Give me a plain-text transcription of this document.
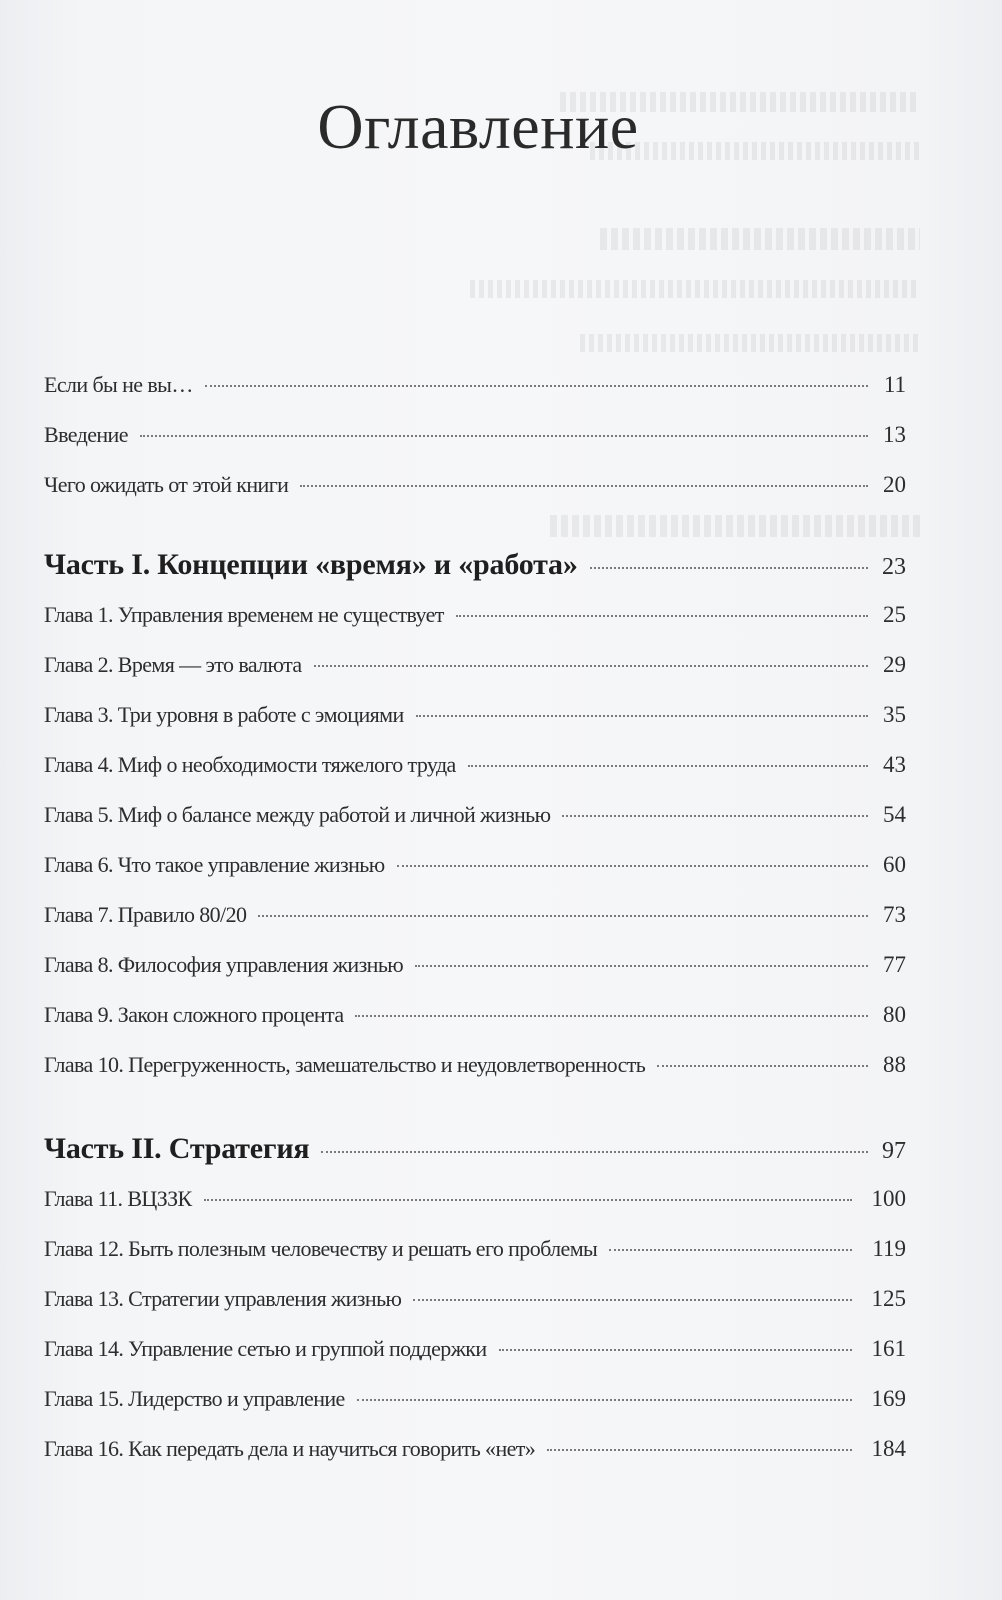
Оглавление
Если бы не вы…	11
Введение	13
Чего ожидать от этой книги	20
Часть I. Концепции «время» и «работа»	23
Глава 1. Управления временем не существует	25
Глава 2. Время — это валюта	29
Глава 3. Три уровня в работе с эмоциями	35
Глава 4. Миф о необходимости тяжелого труда	43
Глава 5. Миф о балансе между работой и личной жизнью	54
Глава 6. Что такое управление жизнью	60
Глава 7. Правило 80/20	73
Глава 8. Философия управления жизнью	77
Глава 9. Закон сложного процента	80
Глава 10. Перегруженность, замешательство и неудовлетворенность	88
Часть II. Стратегия	97
Глава 11. ВЦЗЗК	100
Глава 12. Быть полезным человечеству и решать его проблемы	119
Глава 13. Стратегии управления жизнью	125
Глава 14. Управление сетью и группой поддержки	161
Глава 15. Лидерство и управление	169
Глава 16. Как передать дела и научиться говорить «нет»	184
